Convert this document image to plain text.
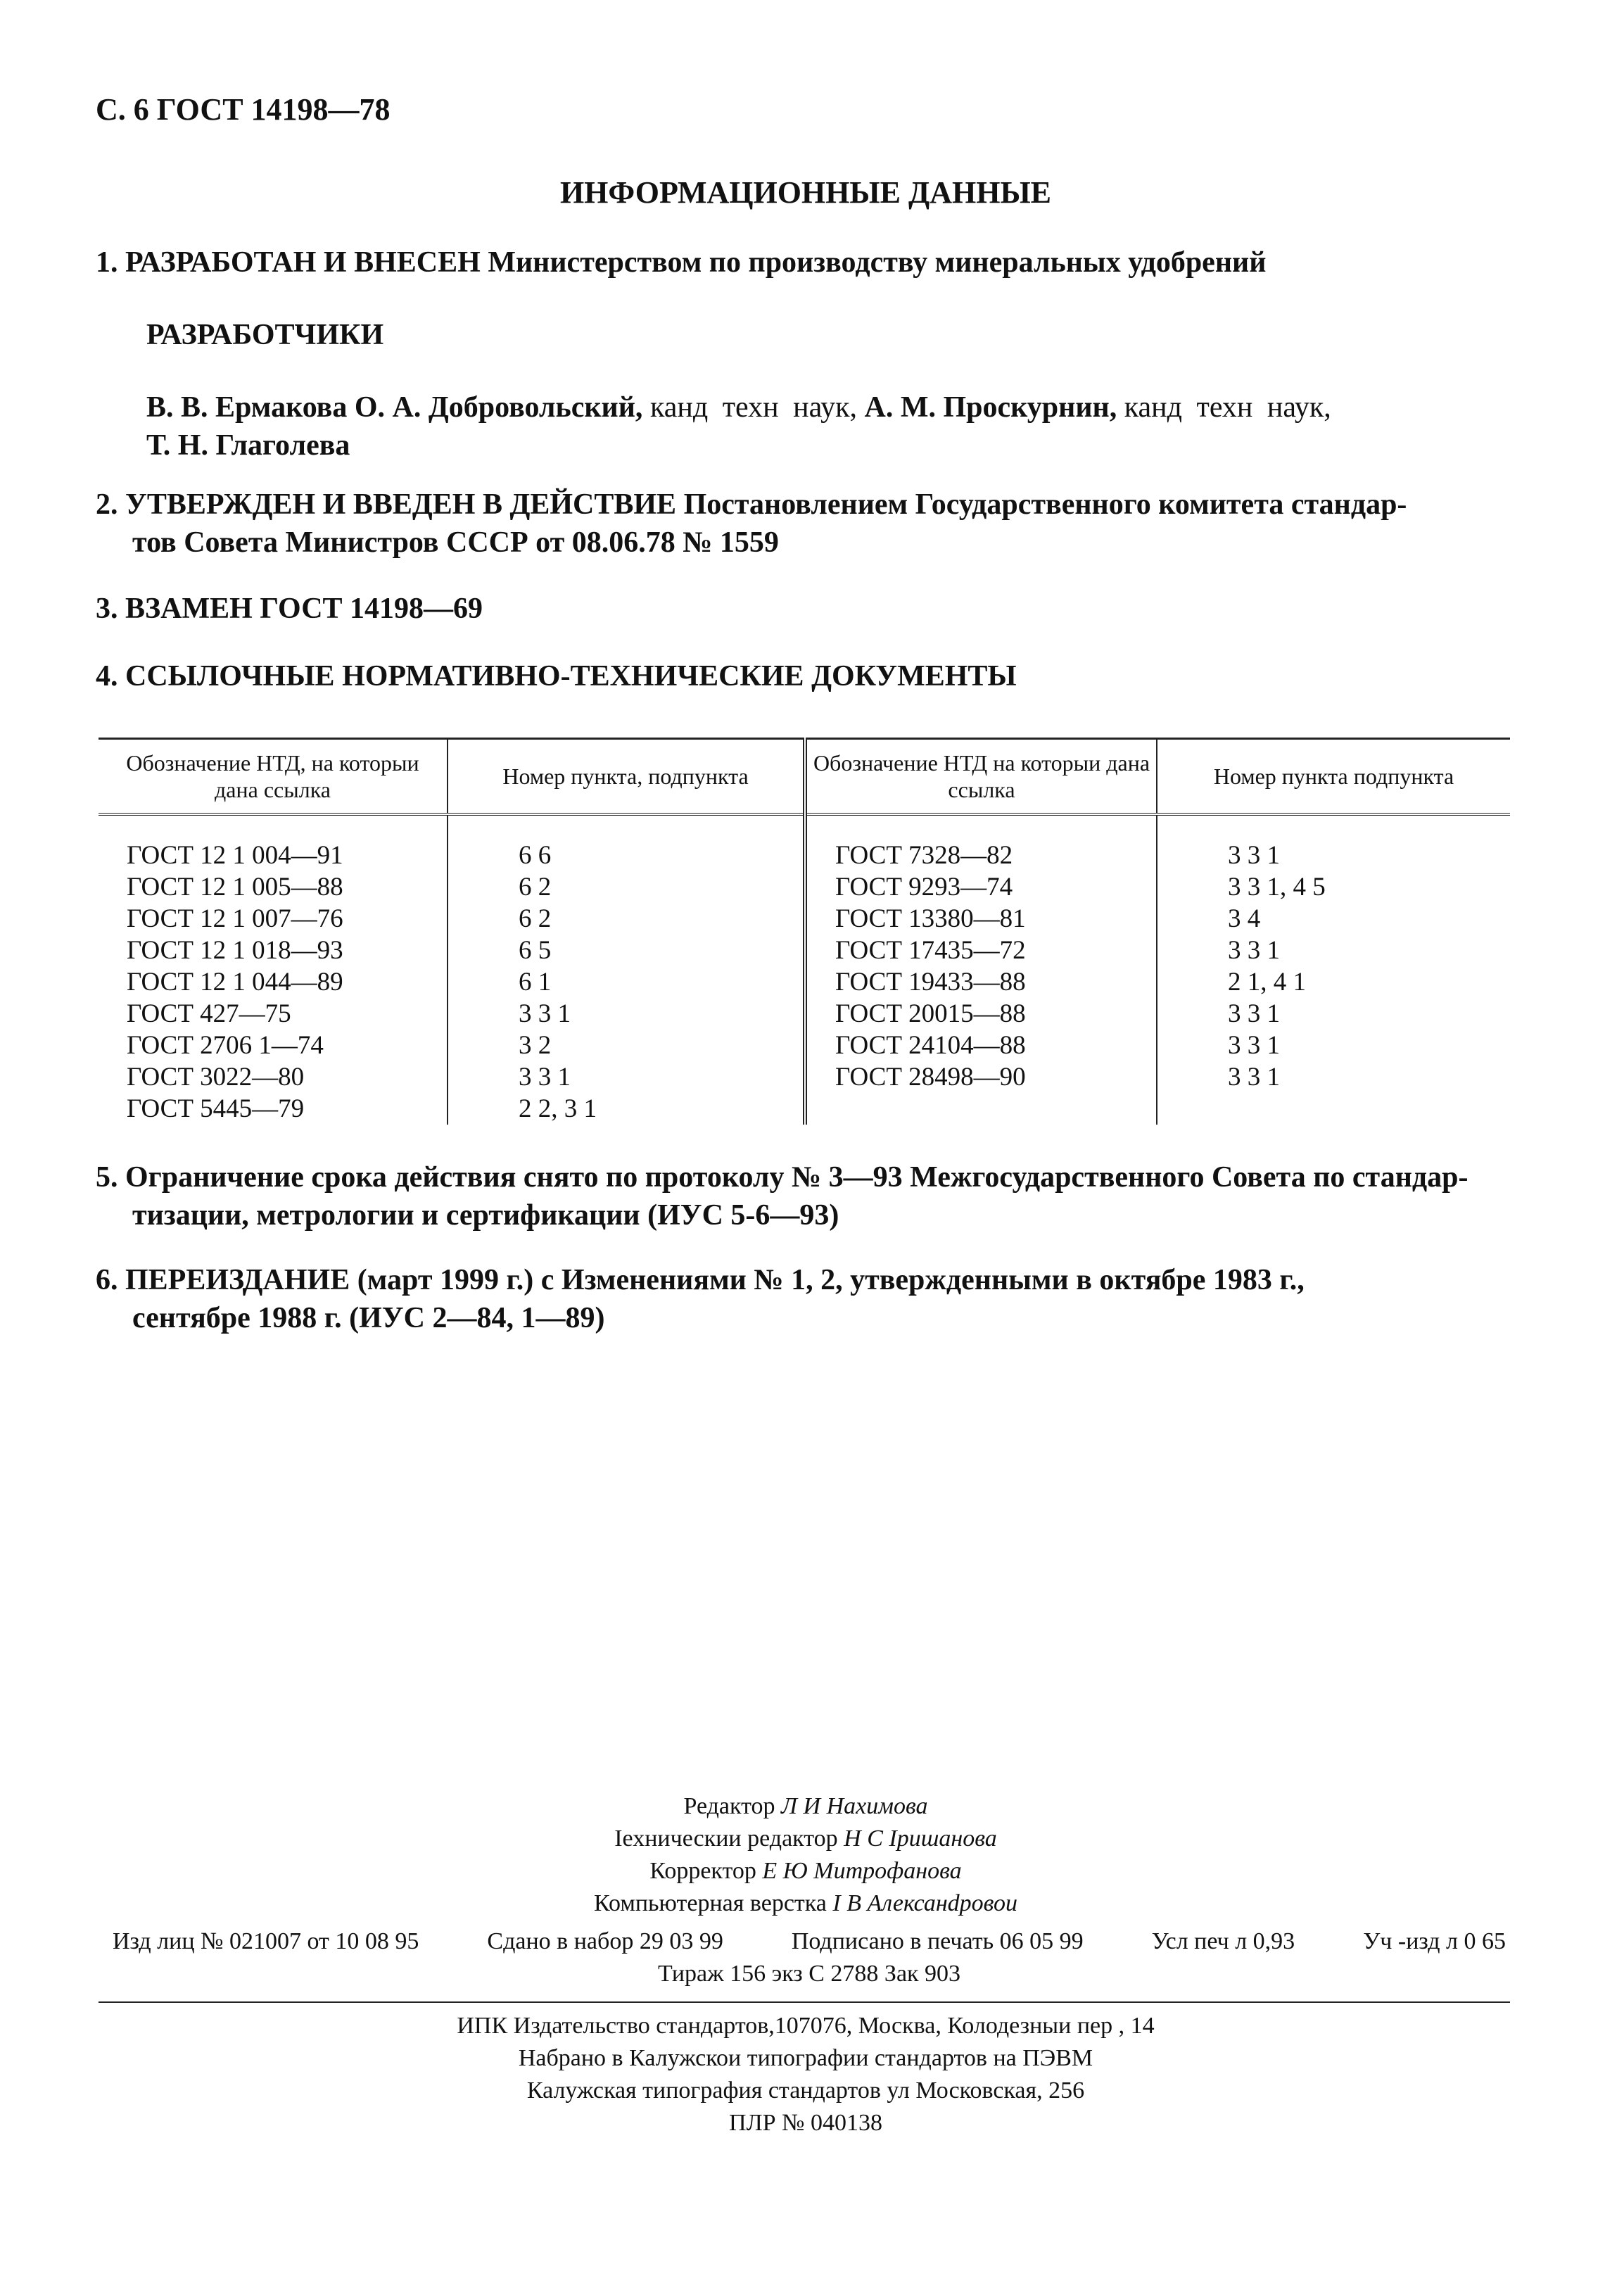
С. 6 ГОСТ 14198—78
ИНФОРМАЦИОННЫЕ ДАННЫЕ
1. РАЗРАБОТАН И ВНЕСЕН Министерством по производству минеральных удобрений
РАЗРАБОТЧИКИ
В. В. Ермакова О. А. Добровольский, канд техн наук, А. М. Проскурнин, канд техн наук,
Т. Н. Глаголева
2. УТВЕРЖДЕН И ВВЕДЕН В ДЕЙСТВИЕ Постановлением Государственного комитета стандар-
тов Совета Министров СССР от 08.06.78 № 1559
3. ВЗАМЕН ГОСТ 14198—69
4. ССЫЛОЧНЫЕ НОРМАТИВНО-ТЕХНИЧЕСКИЕ ДОКУМЕНТЫ
Обозначение НТД, на которыи дана ссылка	Номер пункта, подпункта	Обозначение НТД на которыи дана ссылка	Номер пункта подпункта
ГОСТ 12 1 004—91	6 6	ГОСТ 7328—82	3 3 1
ГОСТ 12 1 005—88	6 2	ГОСТ 9293—74	3 3 1, 4 5
ГОСТ 12 1 007—76	6 2	ГОСТ 13380—81	3 4
ГОСТ 12 1 018—93	6 5	ГОСТ 17435—72	3 3 1
ГОСТ 12 1 044—89	6 1	ГОСТ 19433—88	2 1, 4 1
ГОСТ 427—75	3 3 1	ГОСТ 20015—88	3 3 1
ГОСТ 2706 1—74	3 2	ГОСТ 24104—88	3 3 1
ГОСТ 3022—80	3 3 1	ГОСТ 28498—90	3 3 1
ГОСТ 5445—79	2 2, 3 1		
5. Ограничение срока действия снято по протоколу № 3—93 Межгосударственного Совета по стандар-
тизации, метрологии и сертификации (ИУС 5-6—93)
6. ПЕРЕИЗДАНИЕ (март 1999 г.) с Изменениями № 1, 2, утвержденными в октябре 1983 г.,
сентябре 1988 г. (ИУС 2—84, 1—89)
Редактор Л И Нахимова
Iехническии редактор Н С Iришанова
Корректор Е Ю Митрофанова
Компьютерная верстка I В Алексанdровои
Изд лиц № 021007 от 10 08 95	Сдано в набор 29 03 99	Подписано в печать 06 05 99	Усл печ л 0,93	Уч -изд л 0 65
Тираж 156 экз С 2788 Зак 903
ИПК Издательство стандартов,107076, Москва, Колодезныи пер , 14
Набрано в Калужскои типографии стандартов на ПЭВМ
Калужская типография стандартов ул Московская, 256
ПЛР № 040138
